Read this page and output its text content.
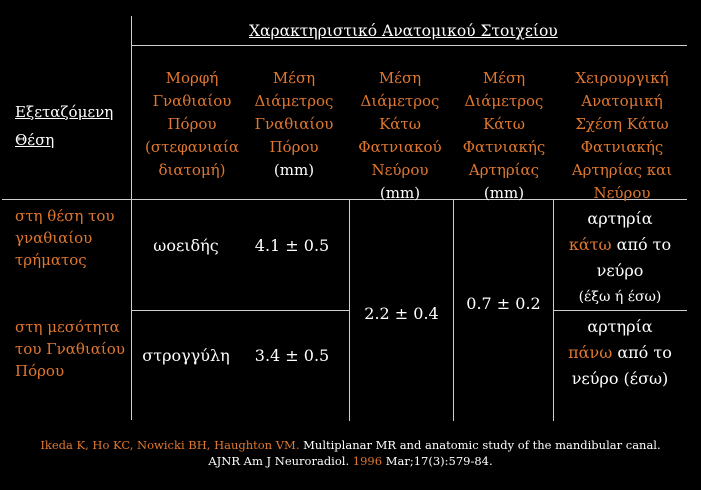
Χαρακτηριστικό Ανατομικού Στοιχείου
Εξεταζόμενη
Θέση
Μορφή
Γναθιαίου
Πόρου
(στεφανιαία
διατομή)
Μέση
Διάμετρος
Γναθιαίου
Πόρου
(mm)
Μέση
Διάμετρος
Κάτω
Φατνιακού
Νεύρου
(mm)
Μέση
Διάμετρος
Κάτω
Φατνιακής
Αρτηρίας
(mm)
Χειρουργική
Ανατομική
Σχέση Κάτω
Φατνιακής
Αρτηρίας και
Νεύρου
στη θέση του
γναθιαίου
τρήματος
ωοειδής	4.1 ± 0.5
αρτηρία
κάτω από το
νεύρο
(έξω ή έσω)
στη μεσότητα
του Γναθιαίου
Πόρου
στρογγύλη	3.4 ± 0.5
αρτηρία
πάνω από το
νεύρο (έσω)
2.2 ± 0.4
0.7 ± 0.2
Ikeda K, Ho KC, Nowicki BH, Haughton VM. Multiplanar MR and anatomic study of the mandibular canal.
AJNR Am J Neuroradiol. 1996 Mar;17(3):579-84.
